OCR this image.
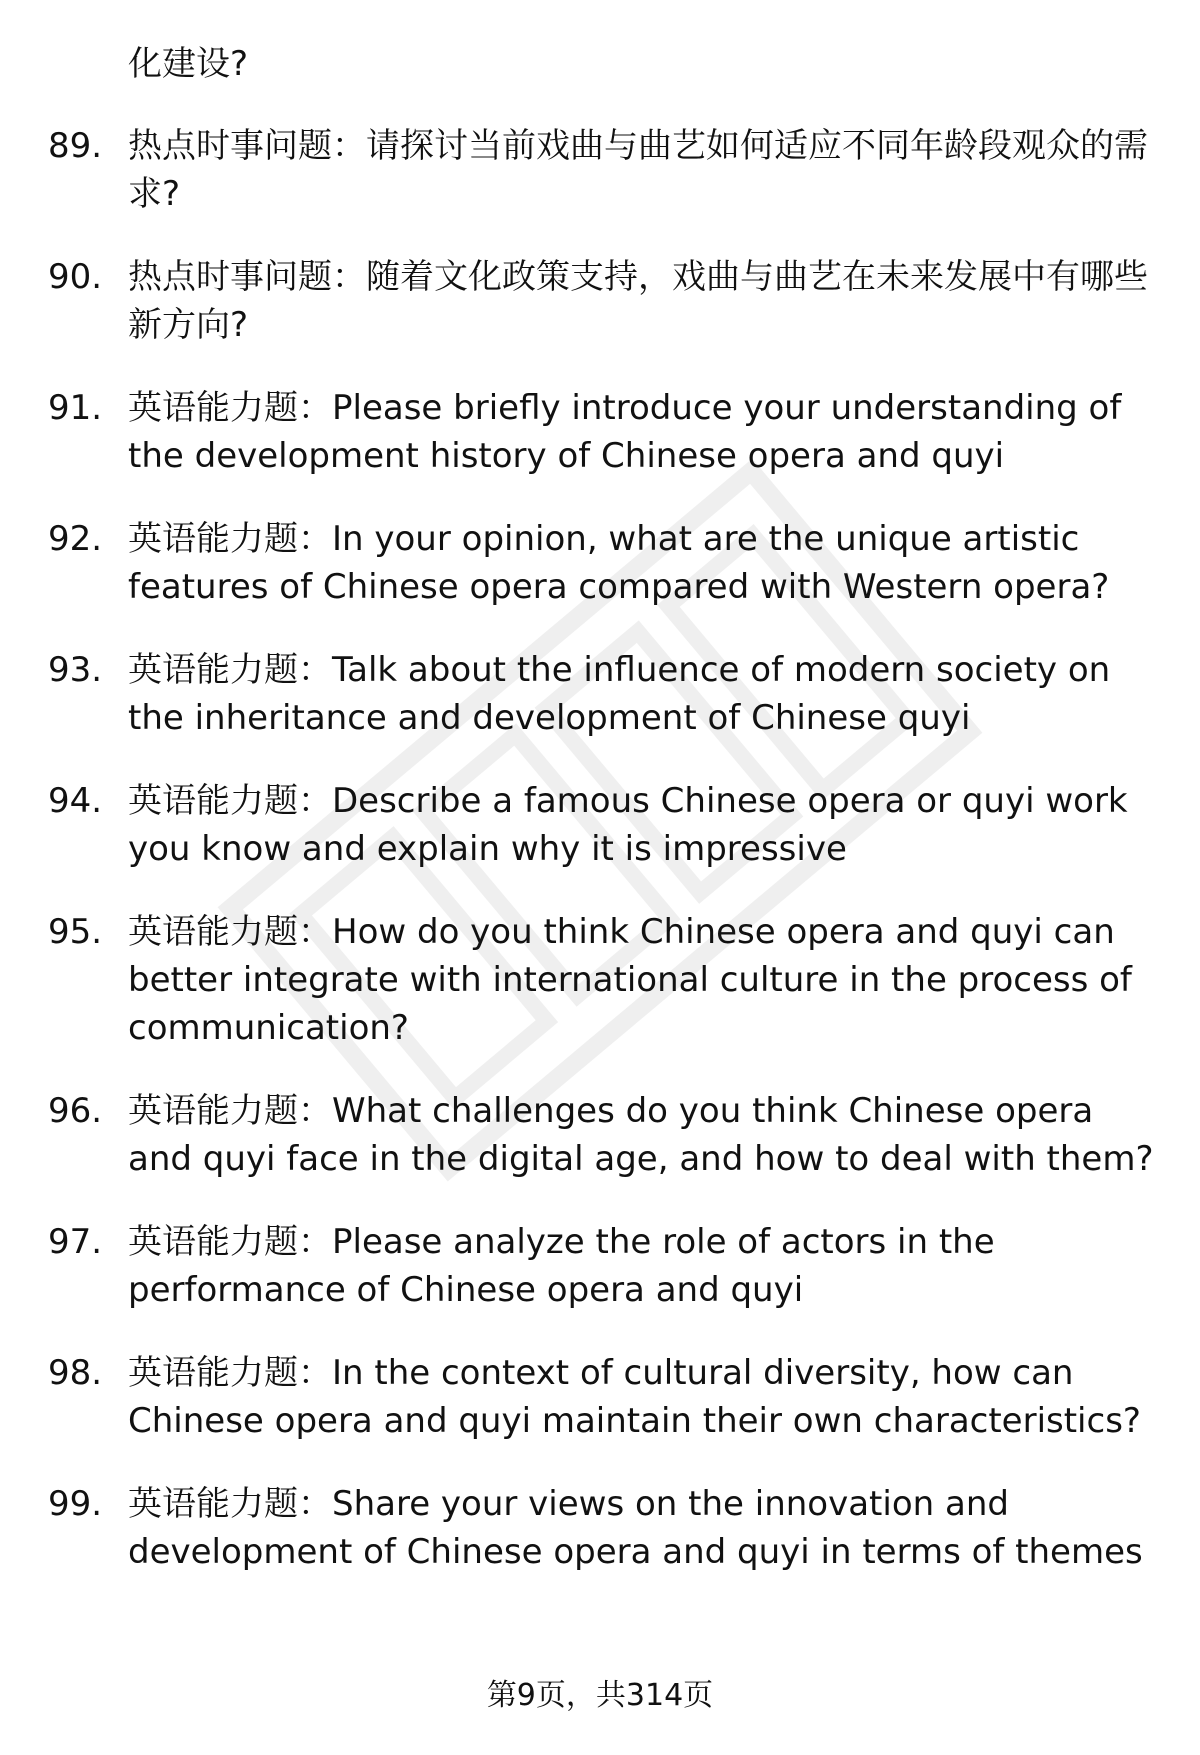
化建设?
89. 热点时事问题：请探讨当前戏曲与曲艺如何适应不同年龄段观众的需求?
90. 热点时事问题：随着文化政策支持，戏曲与曲艺在未来发展中有哪些新方向?
91. 英语能力题：Please briefly introduce your understanding of the development history of Chinese opera and quyi
92. 英语能力题：In your opinion, what are the unique artistic features of Chinese opera compared with Western opera?
93. 英语能力题：Talk about the influence of modern society on the inheritance and development of Chinese quyi
94. 英语能力题：Describe a famous Chinese opera or quyi work you know and explain why it is impressive
95. 英语能力题：How do you think Chinese opera and quyi can better integrate with international culture in the process of communication?
96. 英语能力题：What challenges do you think Chinese opera and quyi face in the digital age, and how to deal with them?
97. 英语能力题：Please analyze the role of actors in the performance of Chinese opera and quyi
98. 英语能力题：In the context of cultural diversity, how can Chinese opera and quyi maintain their own characteristics?
99. 英语能力题：Share your views on the innovation and development of Chinese opera and quyi in terms of themes
第9页，共314页
